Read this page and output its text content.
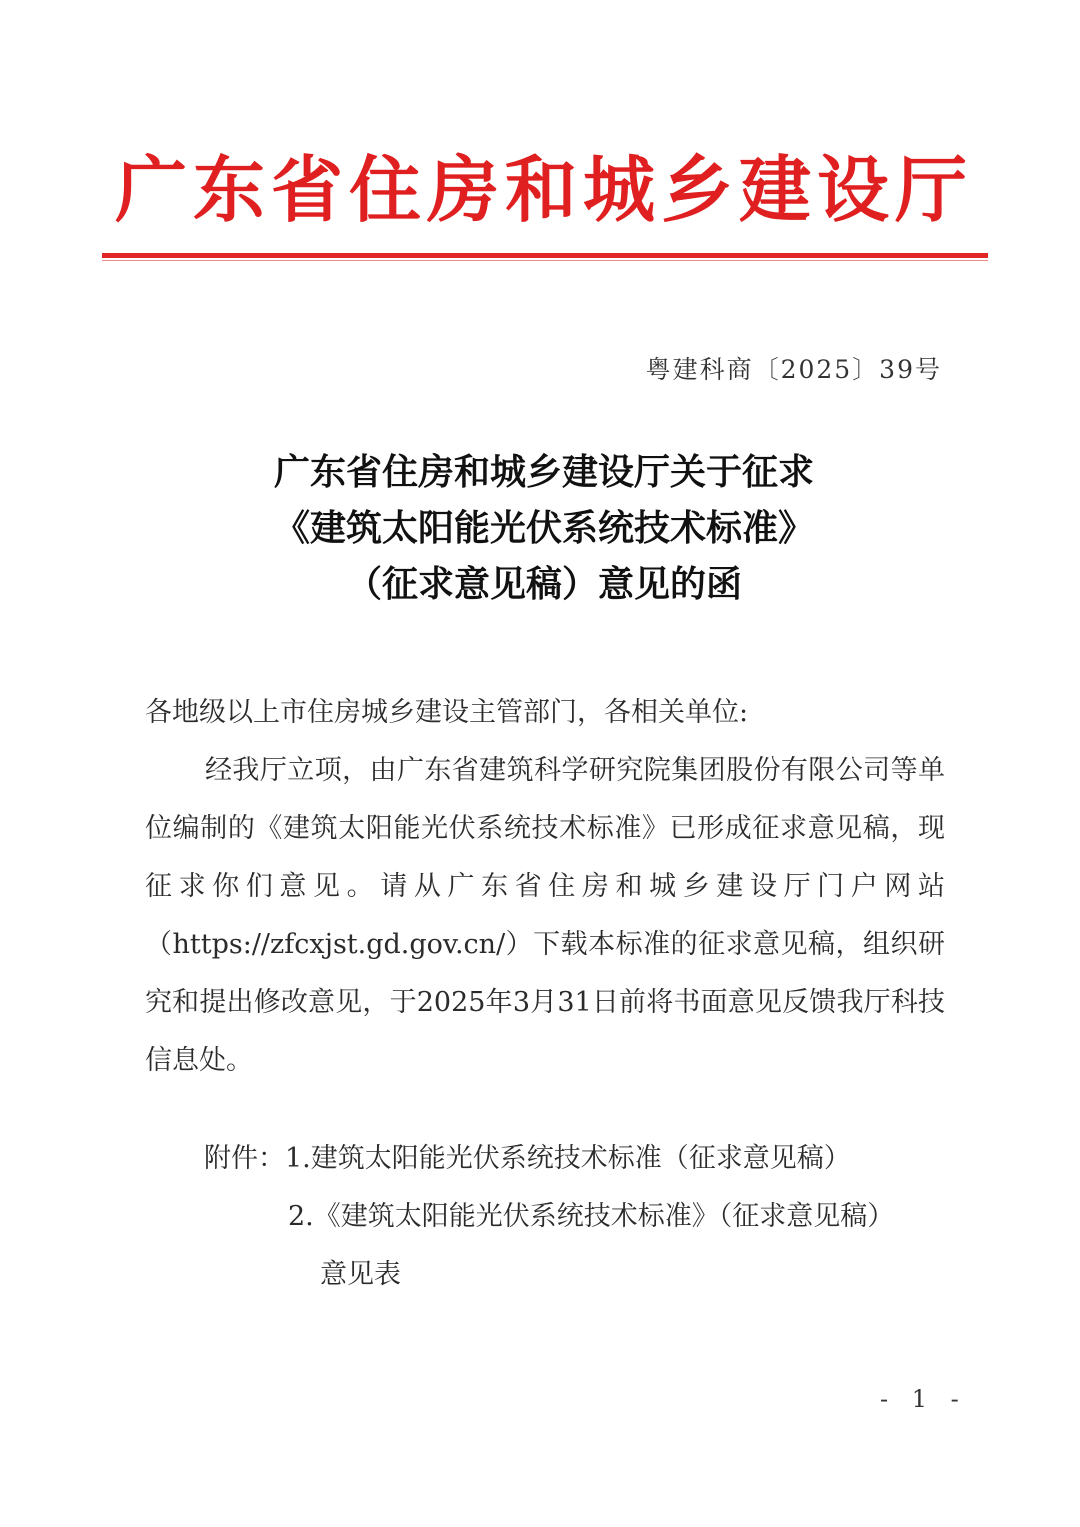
广东省住房和城乡建设厅
粤建科商〔2025〕39号
广东省住房和城乡建设厅关于征求
《建筑太阳能光伏系统技术标准》
（征求意见稿）意见的函

各地级以上市住房城乡建设主管部门，各相关单位:

经我厅立项，由广东省建筑科学研究院集团股份有限公司等单位编制的《建筑太阳能光伏系统技术标准》已形成征求意见稿，现征求你们意见。请从广东省住房和城乡建设厅门户网站（https://zfcxjst.gd.gov.cn/）下载本标准的征求意见稿，组织研究和提出修改意见，于2025年3月31日前将书面意见反馈我厅科技信息处。

附件：1.建筑太阳能光伏系统技术标准（征求意见稿）
2.《建筑太阳能光伏系统技术标准》（征求意见稿）
意见表
- 1 -
